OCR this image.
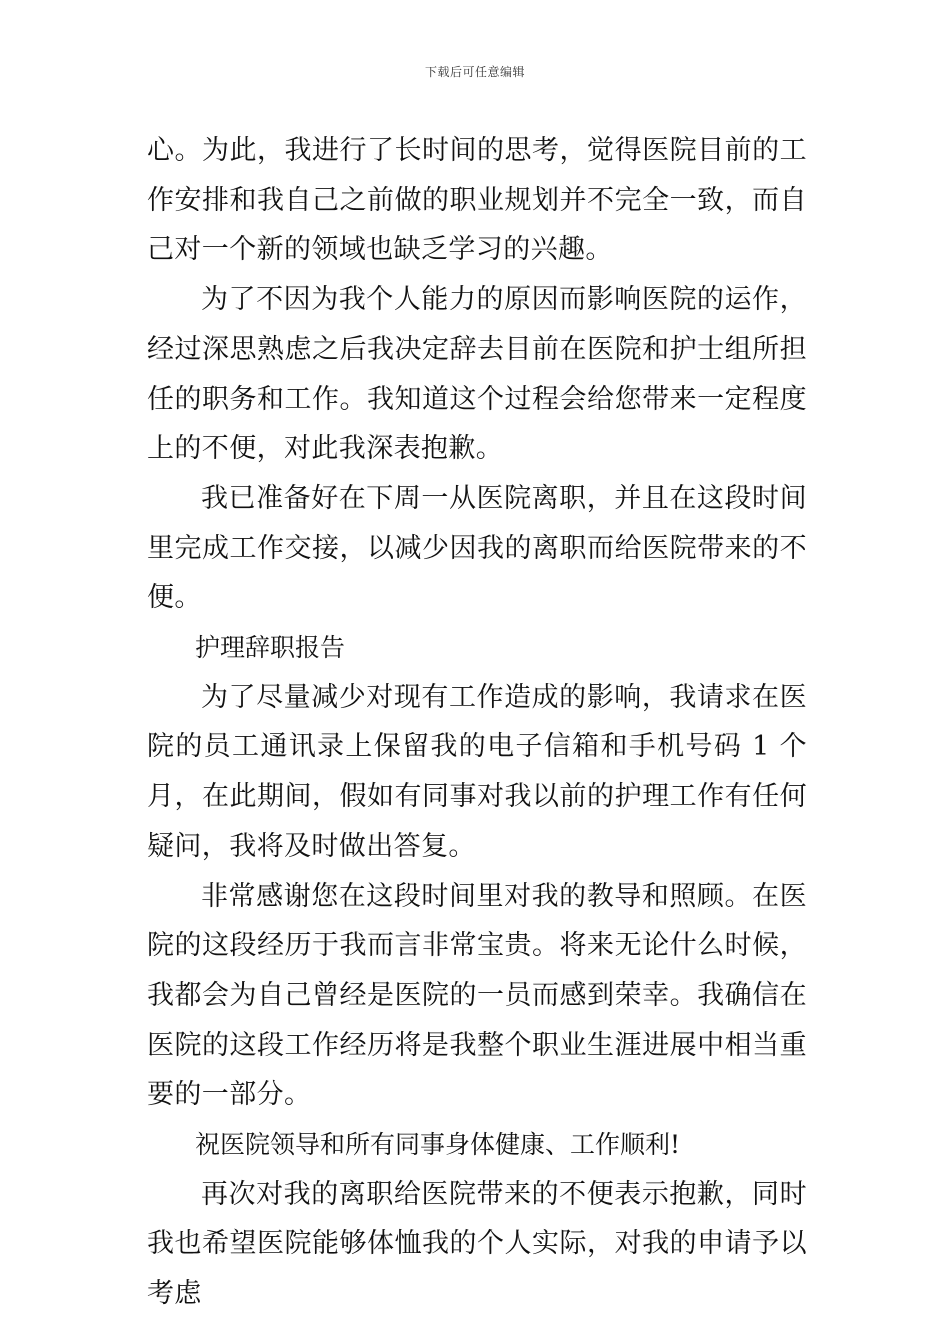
下载后可任意编辑

心。为此，我进行了长时间的思考，觉得医院目前的工作安排和我自己之前做的职业规划并不完全一致，而自己对一个新的领域也缺乏学习的兴趣。

为了不因为我个人能力的原因而影响医院的运作，经过深思熟虑之后我决定辞去目前在医院和护士组所担任的职务和工作。我知道这个过程会给您带来一定程度上的不便，对此我深表抱歉。

我已准备好在下周一从医院离职，并且在这段时间里完成工作交接，以减少因我的离职而给医院带来的不便。

护理辞职报告

为了尽量减少对现有工作造成的影响，我请求在医院的员工通讯录上保留我的电子信箱和手机号码 1 个月，在此期间，假如有同事对我以前的护理工作有任何疑问，我将及时做出答复。

非常感谢您在这段时间里对我的教导和照顾。在医院的这段经历于我而言非常宝贵。将来无论什么时候，我都会为自己曾经是医院的一员而感到荣幸。我确信在医院的这段工作经历将是我整个职业生涯进展中相当重要的一部分。

祝医院领导和所有同事身体健康、工作顺利!

再次对我的离职给医院带来的不便表示抱歉，同时我也希望医院能够体恤我的个人实际，对我的申请予以考虑
